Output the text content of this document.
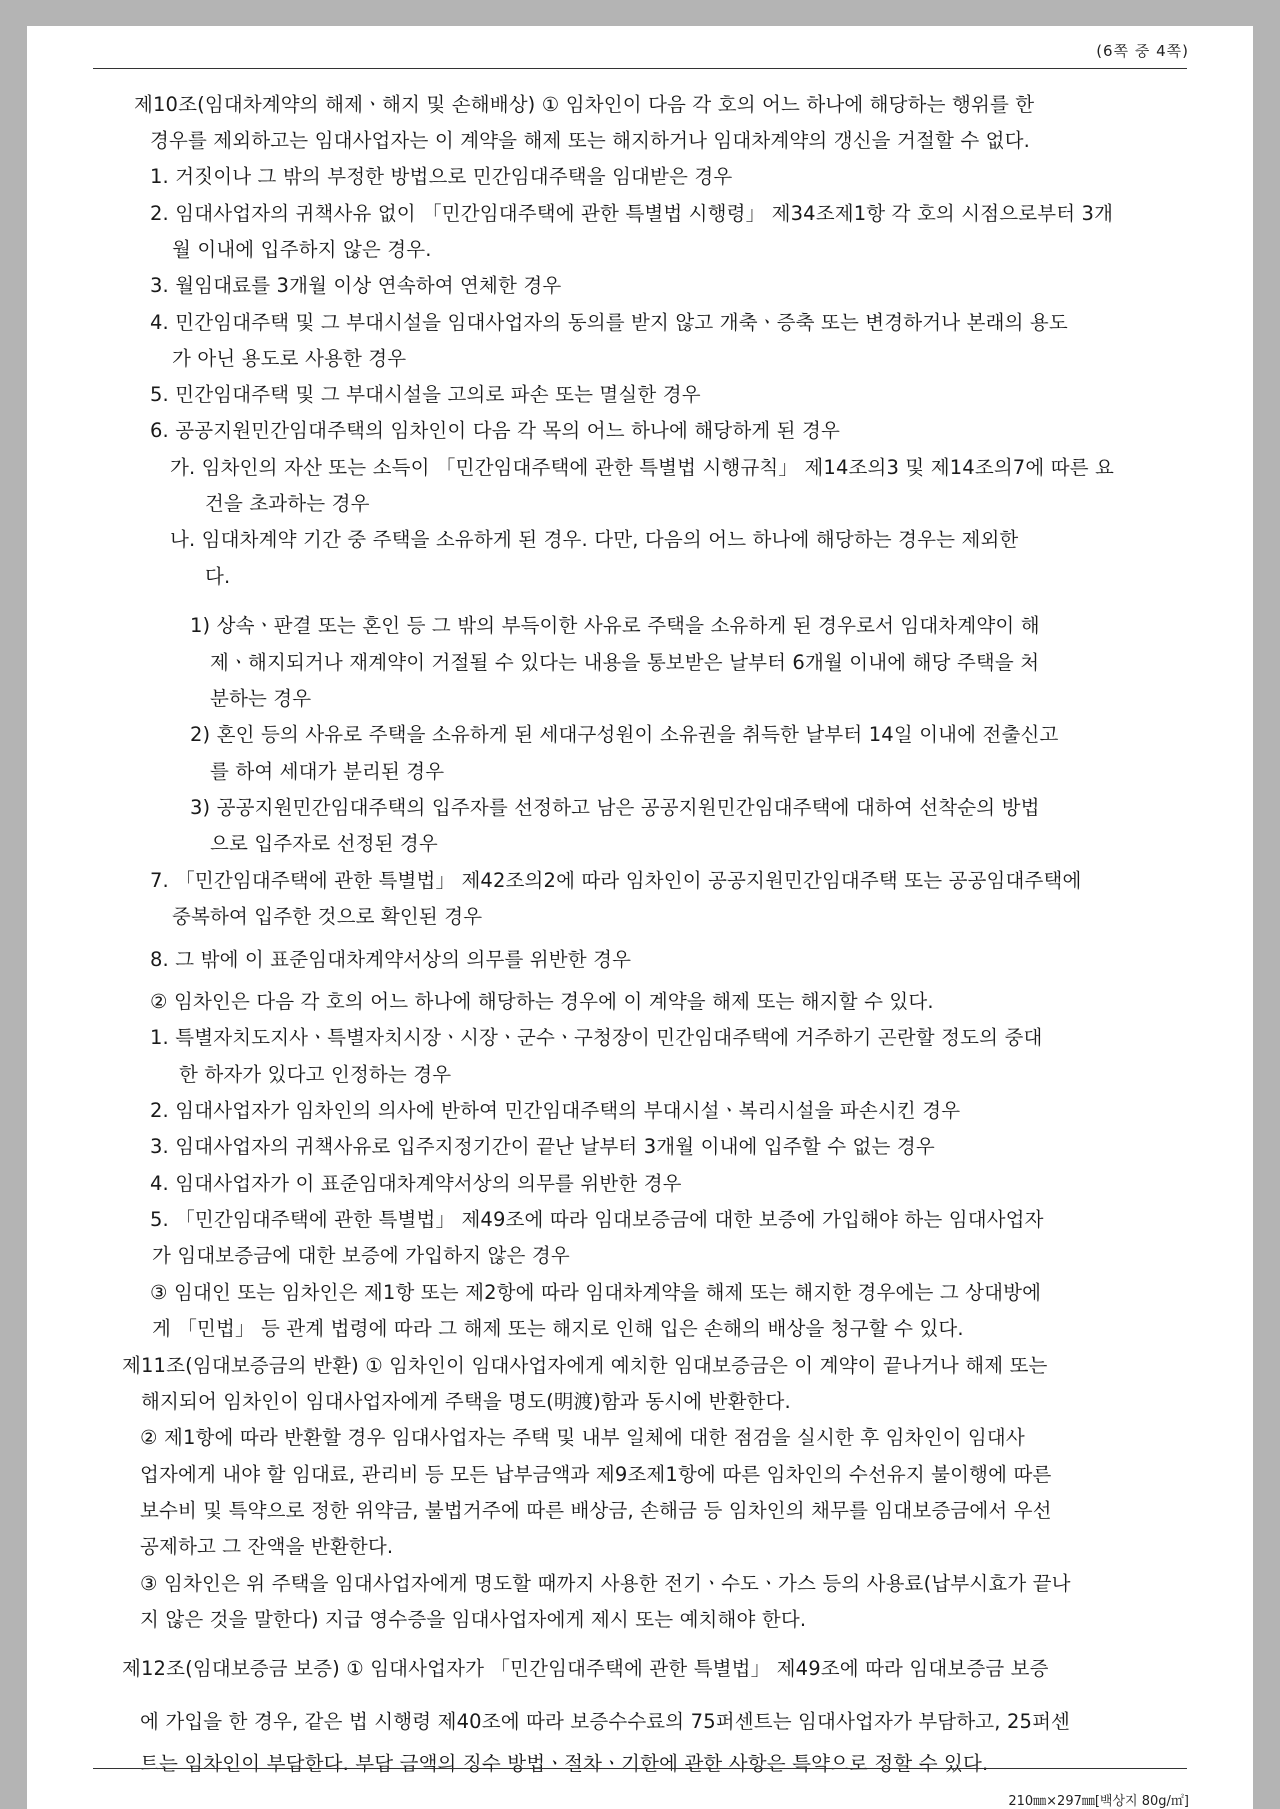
(6쪽 중 4쪽)
제10조(임대차계약의 해제ㆍ해지 및 손해배상) ① 임차인이 다음 각 호의 어느 하나에 해당하는 행위를 한
경우를 제외하고는 임대사업자는 이 계약을 해제 또는 해지하거나 임대차계약의 갱신을 거절할 수 없다.
1. 거짓이나 그 밖의 부정한 방법으로 민간임대주택을 임대받은 경우
2. 임대사업자의 귀책사유 없이 「민간임대주택에 관한 특별법 시행령」 제34조제1항 각 호의 시점으로부터 3개
월 이내에 입주하지 않은 경우.
3. 월임대료를 3개월 이상 연속하여 연체한 경우
4. 민간임대주택 및 그 부대시설을 임대사업자의 동의를 받지 않고 개축ㆍ증축 또는 변경하거나 본래의 용도
가 아닌 용도로 사용한 경우
5. 민간임대주택 및 그 부대시설을 고의로 파손 또는 멸실한 경우
6. 공공지원민간임대주택의 임차인이 다음 각 목의 어느 하나에 해당하게 된 경우
가. 임차인의 자산 또는 소득이 「민간임대주택에 관한 특별법 시행규칙」 제14조의3 및 제14조의7에 따른 요
건을 초과하는 경우
나. 임대차계약 기간 중 주택을 소유하게 된 경우. 다만, 다음의 어느 하나에 해당하는 경우는 제외한
다.
1) 상속ㆍ판결 또는 혼인 등 그 밖의 부득이한 사유로 주택을 소유하게 된 경우로서 임대차계약이 해
제ㆍ해지되거나 재계약이 거절될 수 있다는 내용을 통보받은 날부터 6개월 이내에 해당 주택을 처
분하는 경우
2) 혼인 등의 사유로 주택을 소유하게 된 세대구성원이 소유권을 취득한 날부터 14일 이내에 전출신고
를 하여 세대가 분리된 경우
3) 공공지원민간임대주택의 입주자를 선정하고 남은 공공지원민간임대주택에 대하여 선착순의 방법
으로 입주자로 선정된 경우
7. 「민간임대주택에 관한 특별법」 제42조의2에 따라 임차인이 공공지원민간임대주택 또는 공공임대주택에
중복하여 입주한 것으로 확인된 경우
8. 그 밖에 이 표준임대차계약서상의 의무를 위반한 경우
② 임차인은 다음 각 호의 어느 하나에 해당하는 경우에 이 계약을 해제 또는 해지할 수 있다.
1. 특별자치도지사ㆍ특별자치시장ㆍ시장ㆍ군수ㆍ구청장이 민간임대주택에 거주하기 곤란할 정도의 중대
한 하자가 있다고 인정하는 경우
2. 임대사업자가 임차인의 의사에 반하여 민간임대주택의 부대시설ㆍ복리시설을 파손시킨 경우
3. 임대사업자의 귀책사유로 입주지정기간이 끝난 날부터 3개월 이내에 입주할 수 없는 경우
4. 임대사업자가 이 표준임대차계약서상의 의무를 위반한 경우
5. 「민간임대주택에 관한 특별법」 제49조에 따라 임대보증금에 대한 보증에 가입해야 하는 임대사업자
가 임대보증금에 대한 보증에 가입하지 않은 경우
③ 임대인 또는 임차인은 제1항 또는 제2항에 따라 임대차계약을 해제 또는 해지한 경우에는 그 상대방에
게 「민법」 등 관계 법령에 따라 그 해제 또는 해지로 인해 입은 손해의 배상을 청구할 수 있다.
제11조(임대보증금의 반환) ① 임차인이 임대사업자에게 예치한 임대보증금은 이 계약이 끝나거나 해제 또는
해지되어 임차인이 임대사업자에게 주택을 명도(明渡)함과 동시에 반환한다.
② 제1항에 따라 반환할 경우 임대사업자는 주택 및 내부 일체에 대한 점검을 실시한 후 임차인이 임대사
업자에게 내야 할 임대료, 관리비 등 모든 납부금액과 제9조제1항에 따른 임차인의 수선유지 불이행에 따른
보수비 및 특약으로 정한 위약금, 불법거주에 따른 배상금, 손해금 등 임차인의 채무를 임대보증금에서 우선
공제하고 그 잔액을 반환한다.
③ 임차인은 위 주택을 임대사업자에게 명도할 때까지 사용한 전기ㆍ수도ㆍ가스 등의 사용료(납부시효가 끝나
지 않은 것을 말한다) 지급 영수증을 임대사업자에게 제시 또는 예치해야 한다.
제12조(임대보증금 보증) ① 임대사업자가 「민간임대주택에 관한 특별법」 제49조에 따라 임대보증금 보증
에 가입을 한 경우, 같은 법 시행령 제40조에 따라 보증수수료의 75퍼센트는 임대사업자가 부담하고, 25퍼센
트는 임차인이 부담한다. 부담 금액의 징수 방법ㆍ절차ㆍ기한에 관한 사항은 특약으로 정할 수 있다.
210㎜×297㎜[백상지 80g/㎡]
